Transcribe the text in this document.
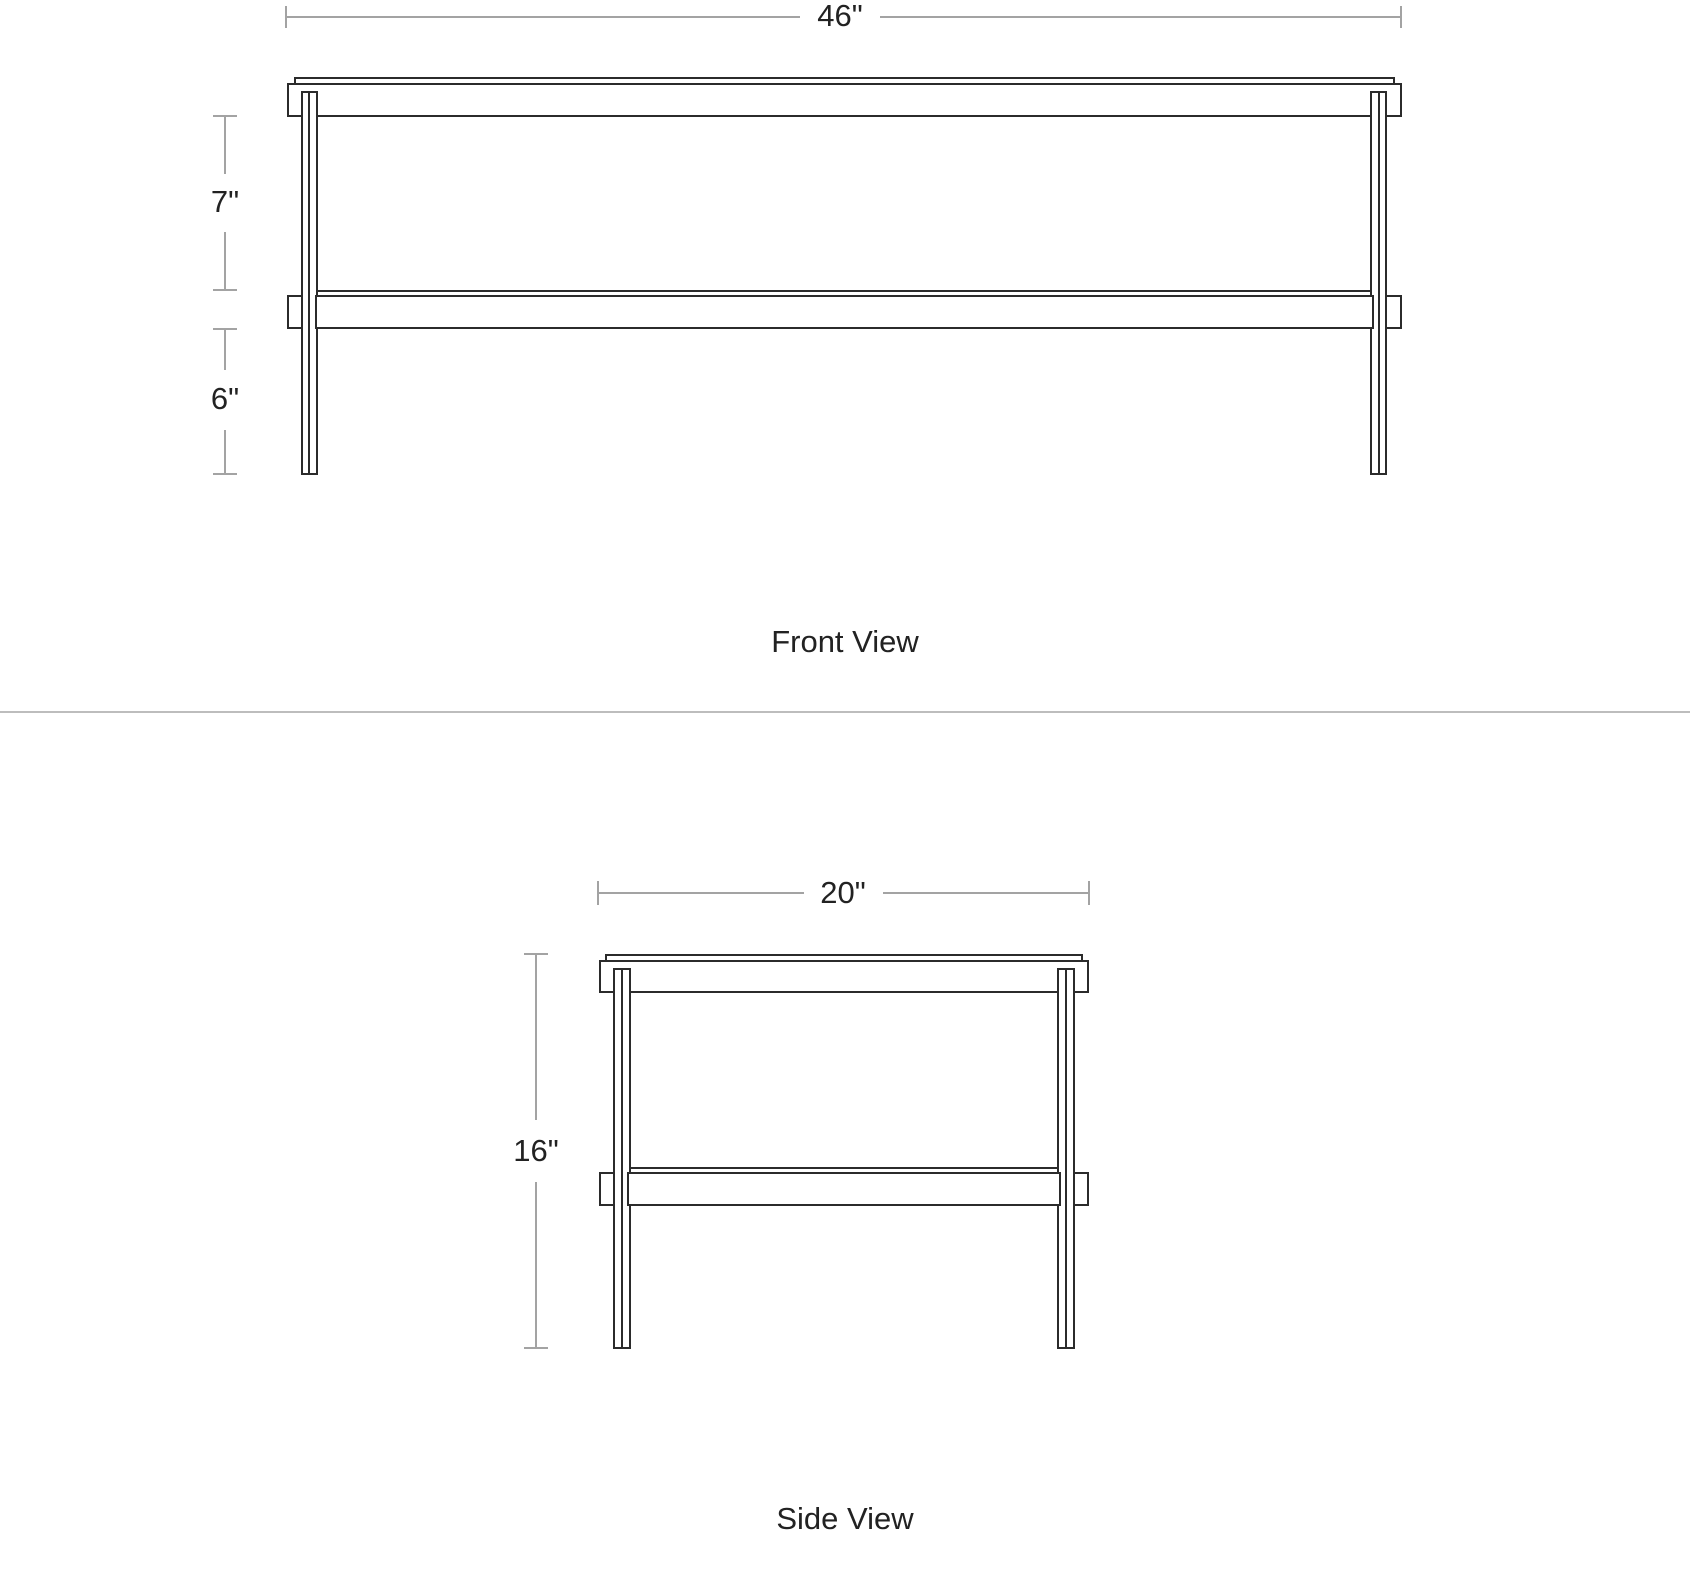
46"
7"
6"
Front View
20"
16"
Side View
